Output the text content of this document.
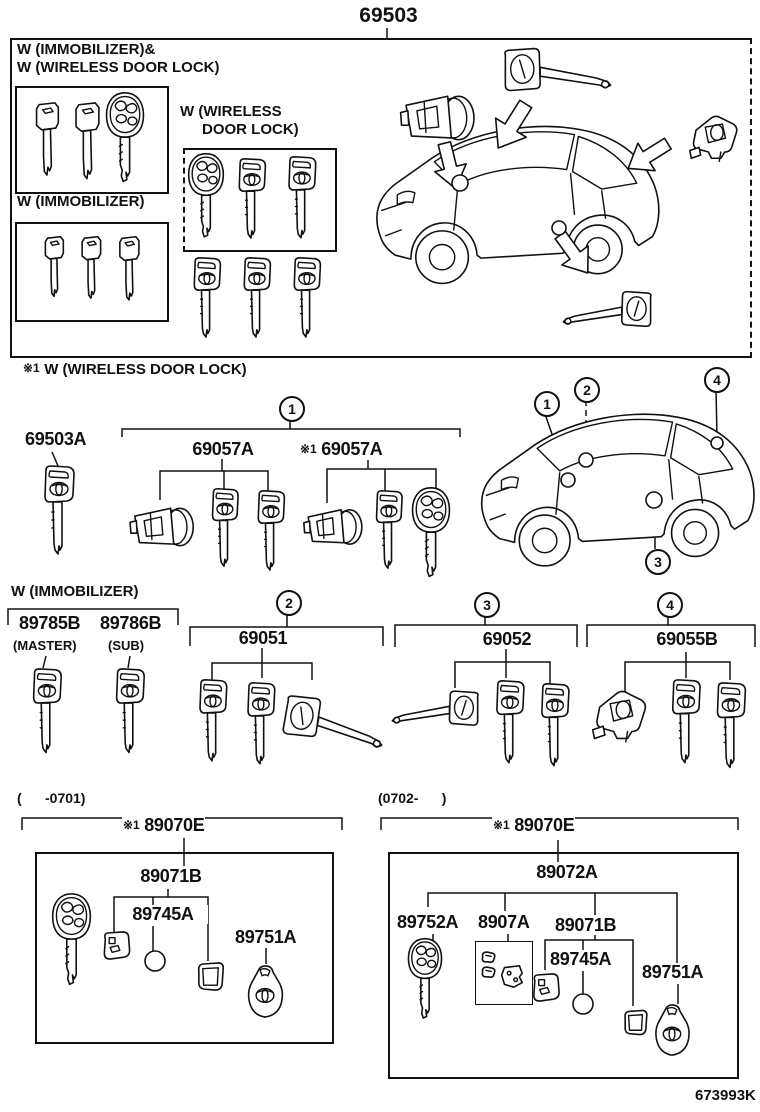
69503
W (IMMOBILIZER)&
W (WIRELESS DOOR LOCK)
W (WIRELESS
DOOR LOCK)
W (IMMOBILIZER)
※1 W (WIRELESS DOOR LOCK)
69503A
1
69057A	※1 69057A
1
2
3
4
W (IMMOBILIZER)
89785B 89786B
(MASTER) (SUB)
2
69051
3
69052
4
69055B
(      -0701)
※1 89070E
89071B
89745A
89751A
(0702-      )
※1 89070E
89072A
89752A 8907A 89071B
89745A
89751A
673993K
